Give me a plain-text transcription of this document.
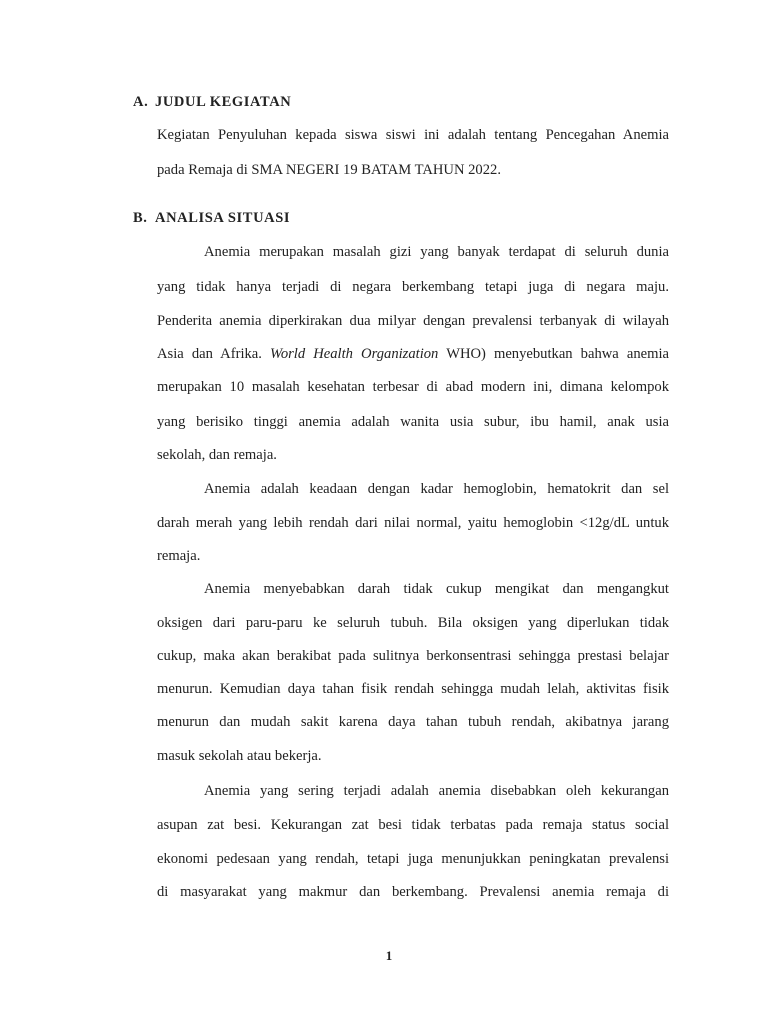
A. JUDUL KEGIATAN
Kegiatan Penyuluhan kepada siswa siswi ini adalah tentang Pencegahan Anemia
pada Remaja di SMA NEGERI 19 BATAM TAHUN 2022.
B. ANALISA SITUASI
Anemia merupakan masalah gizi yang banyak terdapat di seluruh dunia
yang tidak hanya terjadi di negara berkembang tetapi juga di negara maju.
Penderita anemia diperkirakan dua milyar dengan prevalensi terbanyak di wilayah
Asia dan Afrika. World Health Organization WHO) menyebutkan bahwa anemia
merupakan 10 masalah kesehatan terbesar di abad modern ini, dimana kelompok
yang berisiko tinggi anemia adalah wanita usia subur, ibu hamil, anak usia
sekolah, dan remaja.
Anemia adalah keadaan dengan kadar hemoglobin, hematokrit dan sel
darah merah yang lebih rendah dari nilai normal, yaitu hemoglobin <12g/dL untuk
remaja.
Anemia menyebabkan darah tidak cukup mengikat dan mengangkut
oksigen dari paru-paru ke seluruh tubuh. Bila oksigen yang diperlukan tidak
cukup, maka akan berakibat pada sulitnya berkonsentrasi sehingga prestasi belajar
menurun. Kemudian daya tahan fisik rendah sehingga mudah lelah, aktivitas fisik
menurun dan mudah sakit karena daya tahan tubuh rendah, akibatnya jarang
masuk sekolah atau bekerja.
Anemia yang sering terjadi adalah anemia disebabkan oleh kekurangan
asupan zat besi. Kekurangan zat besi tidak terbatas pada remaja status social
ekonomi pedesaan yang rendah, tetapi juga menunjukkan peningkatan prevalensi
di masyarakat yang makmur dan berkembang. Prevalensi anemia remaja di
1
